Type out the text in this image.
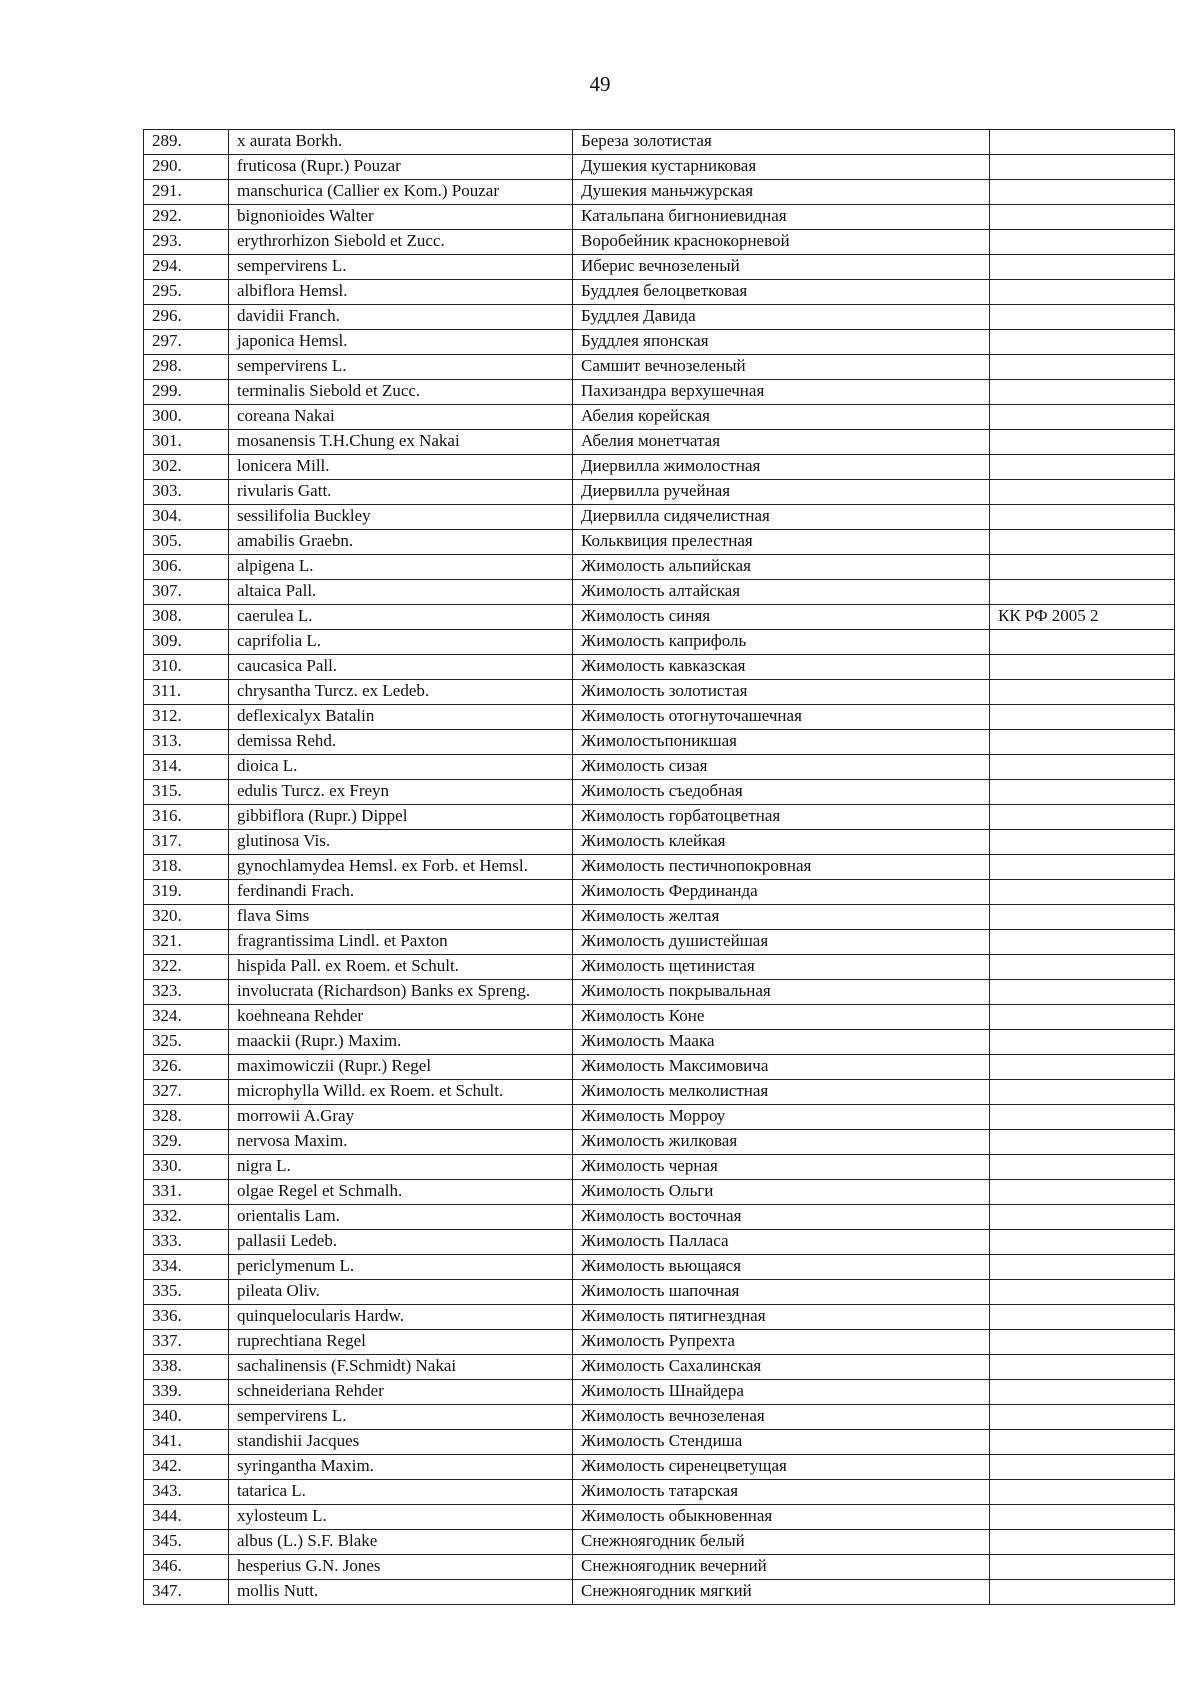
49
289.	x aurata Borkh.	Береза золотистая	
290.	fruticosa (Rupr.) Pouzar	Душекия кустарниковая	
291.	manschurica (Callier ex Kom.) Pouzar	Душекия маньчжурская	
292.	bignonioides Walter	Катальпана бигнониевидная	
293.	erythrorhizon Siebold et Zucc.	Воробейник краснокорневой	
294.	sempervirens L.	Иберис вечнозеленый	
295.	albiflora Hemsl.	Буддлея белоцветковая	
296.	davidii Franch.	Буддлея Давида	
297.	japonica Hemsl.	Буддлея японская	
298.	sempervirens L.	Самшит вечнозеленый	
299.	terminalis Siebold et Zucc.	Пахизандра верхушечная	
300.	coreana Nakai	Абелия корейская	
301.	mosanensis T.H.Chung ex Nakai	Абелия монетчатая	
302.	lonicera Mill.	Диервилла жимолостная	
303.	rivularis Gatt.	Диервилла ручейная	
304.	sessilifolia Buckley	Диервилла сидячелистная	
305.	amabilis Graebn.	Кольквиция прелестная	
306.	alpigena L.	Жимолость альпийская	
307.	altaica Pall.	Жимолость алтайская	
308.	caerulea L.	Жимолость синяя	КК РФ 2005 2
309.	caprifolia L.	Жимолость каприфоль	
310.	caucasica Pall.	Жимолость кавказская	
311.	chrysantha Turcz. ex Ledeb.	Жимолость золотистая	
312.	deflexicalyx Batalin	Жимолость отогнуточашечная	
313.	demissa Rehd.	Жимолостьпоникшая	
314.	dioica L.	Жимолость сизая	
315.	edulis Turcz. ex Freyn	Жимолость съедобная	
316.	gibbiflora (Rupr.) Dippel	Жимолость горбатоцветная	
317.	glutinosa Vis.	Жимолость клейкая	
318.	gynochlamydea Hemsl. ex Forb. et Hemsl.	Жимолость пестичнопокровная	
319.	ferdinandi Frach.	Жимолость Фердинанда	
320.	flava Sims	Жимолость желтая	
321.	fragrantissima Lindl. et Paxton	Жимолость душистейшая	
322.	hispida Pall. ex Roem. et Schult.	Жимолость щетинистая	
323.	involucrata (Richardson) Banks ex Spreng.	Жимолость покрывальная	
324.	koehneana Rehder	Жимолость Коне	
325.	maackii (Rupr.) Maxim.	Жимолость Маака	
326.	maximowiczii (Rupr.) Regel	Жимолость Максимовича	
327.	microphylla Willd. ex Roem. et Schult.	Жимолость мелколистная	
328.	morrowii A.Gray	Жимолость Морроу	
329.	nervosa Maxim.	Жимолость жилковая	
330.	nigra L.	Жимолость черная	
331.	olgae Regel et Schmalh.	Жимолость Ольги	
332.	orientalis Lam.	Жимолость восточная	
333.	pallasii Ledeb.	Жимолость Палласа	
334.	periclymenum L.	Жимолость вьющаяся	
335.	pileata Oliv.	Жимолость шапочная	
336.	quinquelocularis Hardw.	Жимолость пятигнездная	
337.	ruprechtiana Regel	Жимолость Рупрехта	
338.	sachalinensis (F.Schmidt) Nakai	Жимолость Сахалинская	
339.	schneideriana Rehder	Жимолость Шнайдера	
340.	sempervirens L.	Жимолость вечнозеленая	
341.	standishii Jacques	Жимолость Стендиша	
342.	syringantha Maxim.	Жимолость сиренецветущая	
343.	tatarica L.	Жимолость татарская	
344.	xylosteum L.	Жимолость обыкновенная	
345.	albus (L.) S.F. Blake	Снежноягодник белый	
346.	hesperius G.N. Jones	Снежноягодник вечерний	
347.	mollis Nutt.	Снежноягодник мягкий	
